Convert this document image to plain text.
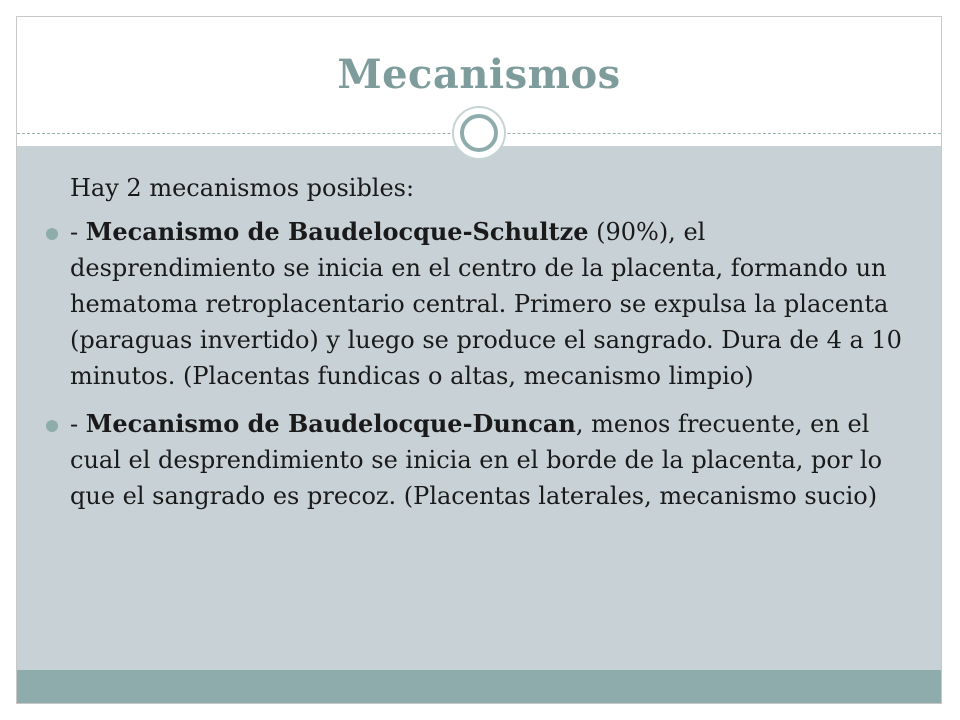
Mecanismos
Hay 2 mecanismos posibles:
- Mecanismo de Baudelocque-Schultze (90%), el desprendimiento se inicia en el centro de la placenta, formando un hematoma retroplacentario central. Primero se expulsa la placenta (paraguas invertido) y luego se produce el sangrado. Dura de 4 a 10 minutos. (Placentas fundicas o altas, mecanismo limpio)
- Mecanismo de Baudelocque-Duncan, menos frecuente, en el cual el desprendimiento se inicia en el borde de la placenta, por lo que el sangrado es precoz. (Placentas laterales, mecanismo sucio)
